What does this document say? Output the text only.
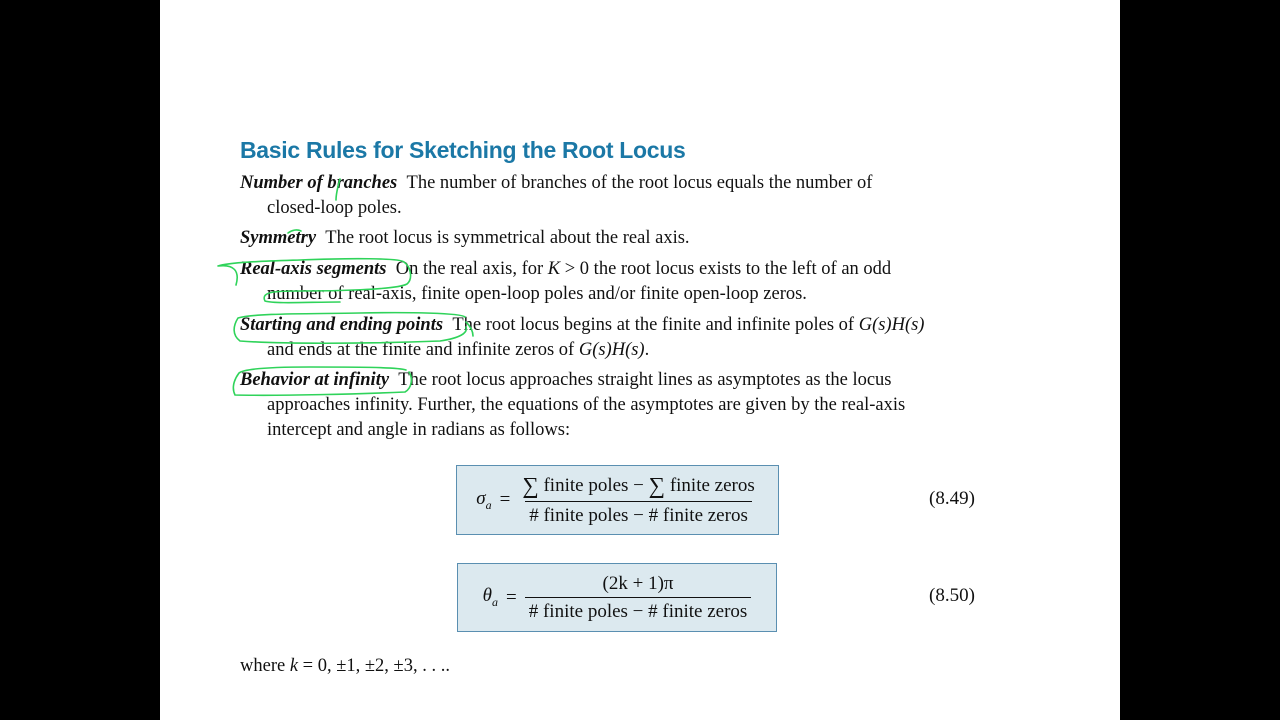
Basic Rules for Sketching the Root Locus
Number of branches The number of branches of the root locus equals the number of
closed-loop poles.
Symmetry The root locus is symmetrical about the real axis.
Real-axis segments On the real axis, for K > 0 the root locus exists to the left of an odd
number of real-axis, finite open-loop poles and/or finite open-loop zeros.
Starting and ending points The root locus begins at the finite and infinite poles of G(s)H(s)
and ends at the finite and infinite zeros of G(s)H(s).
Behavior at infinity The root locus approaches straight lines as asymptotes as the locus
approaches infinity. Further, the equations of the asymptotes are given by the real-axis
intercept and angle in radians as follows:
$\sigma_a = \frac{\text{∑ finite poles − ∑ finite zeros}}{\text{\# finite poles − \# finite zeros}}$	(8.49)
$\theta_a = \frac{(2k + 1)\pi}{\text{\# finite poles − \# finite zeros}}$	(8.50)
where k = 0, ±1, ±2, ±3, . . ..
